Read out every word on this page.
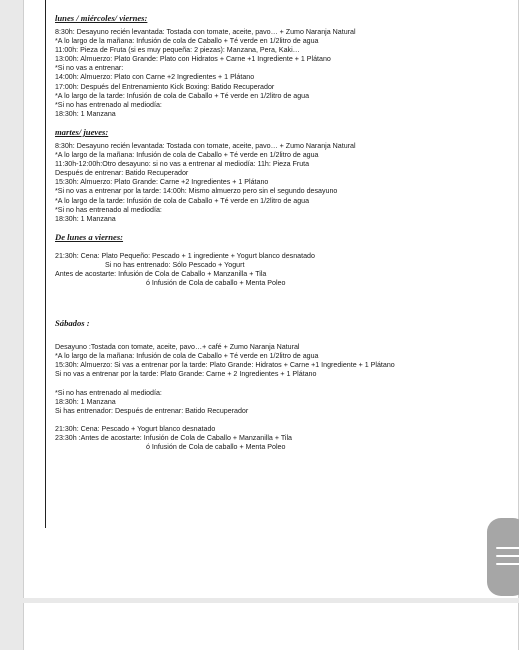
lunes / miércoles/ viernes:
8:30h: Desayuno recién levantada: Tostada con tomate, aceite, pavo… + Zumo Naranja Natural
*A lo largo de la mañana: Infusión de cola de Caballo + Té verde en 1/2litro de agua
11:00h: Pieza de Fruta (si es muy pequeña: 2 piezas): Manzana, Pera, Kaki…
13:00h: Almuerzo: Plato Grande: Plato con Hidratos + Carne +1 Ingrediente + 1 Plátano
*Si no vas a entrenar:
14:00h: Almuerzo: Plato con Carne +2 Ingredientes + 1 Plátano
17:00h: Después del Entrenamiento Kick Boxing: Batido Recuperador
*A lo largo de la tarde: Infusión de cola de Caballo + Té verde en 1/2litro de agua
*Si no has entrenado al mediodía:
18:30h: 1 Manzana
martes/ jueves:
8:30h: Desayuno recién levantada: Tostada con tomate, aceite, pavo… + Zumo Naranja Natural
*A lo largo de la mañana: Infusión de cola de Caballo + Té verde en 1/2litro de agua
11:30h-12:00h:Otro desayuno: si no vas a entrenar al mediodía: 11h: Pieza Fruta
Después de entrenar: Batido Recuperador
15:30h: Almuerzo: Plato Grande: Carne +2 Ingredientes + 1 Plátano
*Si no vas a entrenar por la tarde: 14:00h: Mismo almuerzo pero sin el segundo desayuno
*A lo largo de la tarde: Infusión de cola de Caballo + Té verde en 1/2litro de agua
*Si no has entrenado al mediodía:
18:30h: 1 Manzana
De lunes a viernes:
21:30h: Cena: Plato Pequeño: Pescado + 1 ingrediente + Yogurt blanco desnatado
Si no has entrenado: Sólo Pescado + Yogurt
Antes de acostarte: Infusión de Cola de Caballo + Manzanilla + Tila
ó Infusión de Cola de caballo + Menta Poleo
Sábados :
Desayuno :Tostada con tomate, aceite, pavo…+ café + Zumo Naranja Natural
*A lo largo de la mañana: Infusión de cola de Caballo + Té verde en 1/2litro de agua
15:30h: Almuerzo: Si vas a entrenar por la tarde: Plato Grande: Hidratos + Carne +1 Ingrediente + 1 Plátano
Si no vas a entrenar por la tarde: Plato Grande: Carne + 2 Ingredientes + 1 Plátano
*Si no has entrenado al mediodía:
18:30h: 1 Manzana
Si has entrenador: Después de entrenar: Batido Recuperador
21:30h: Cena: Pescado + Yogurt blanco desnatado
23:30h :Antes de acostarte: Infusión de Cola de Caballo + Manzanilla + Tila
ó Infusión de Cola de caballo + Menta Poleo
